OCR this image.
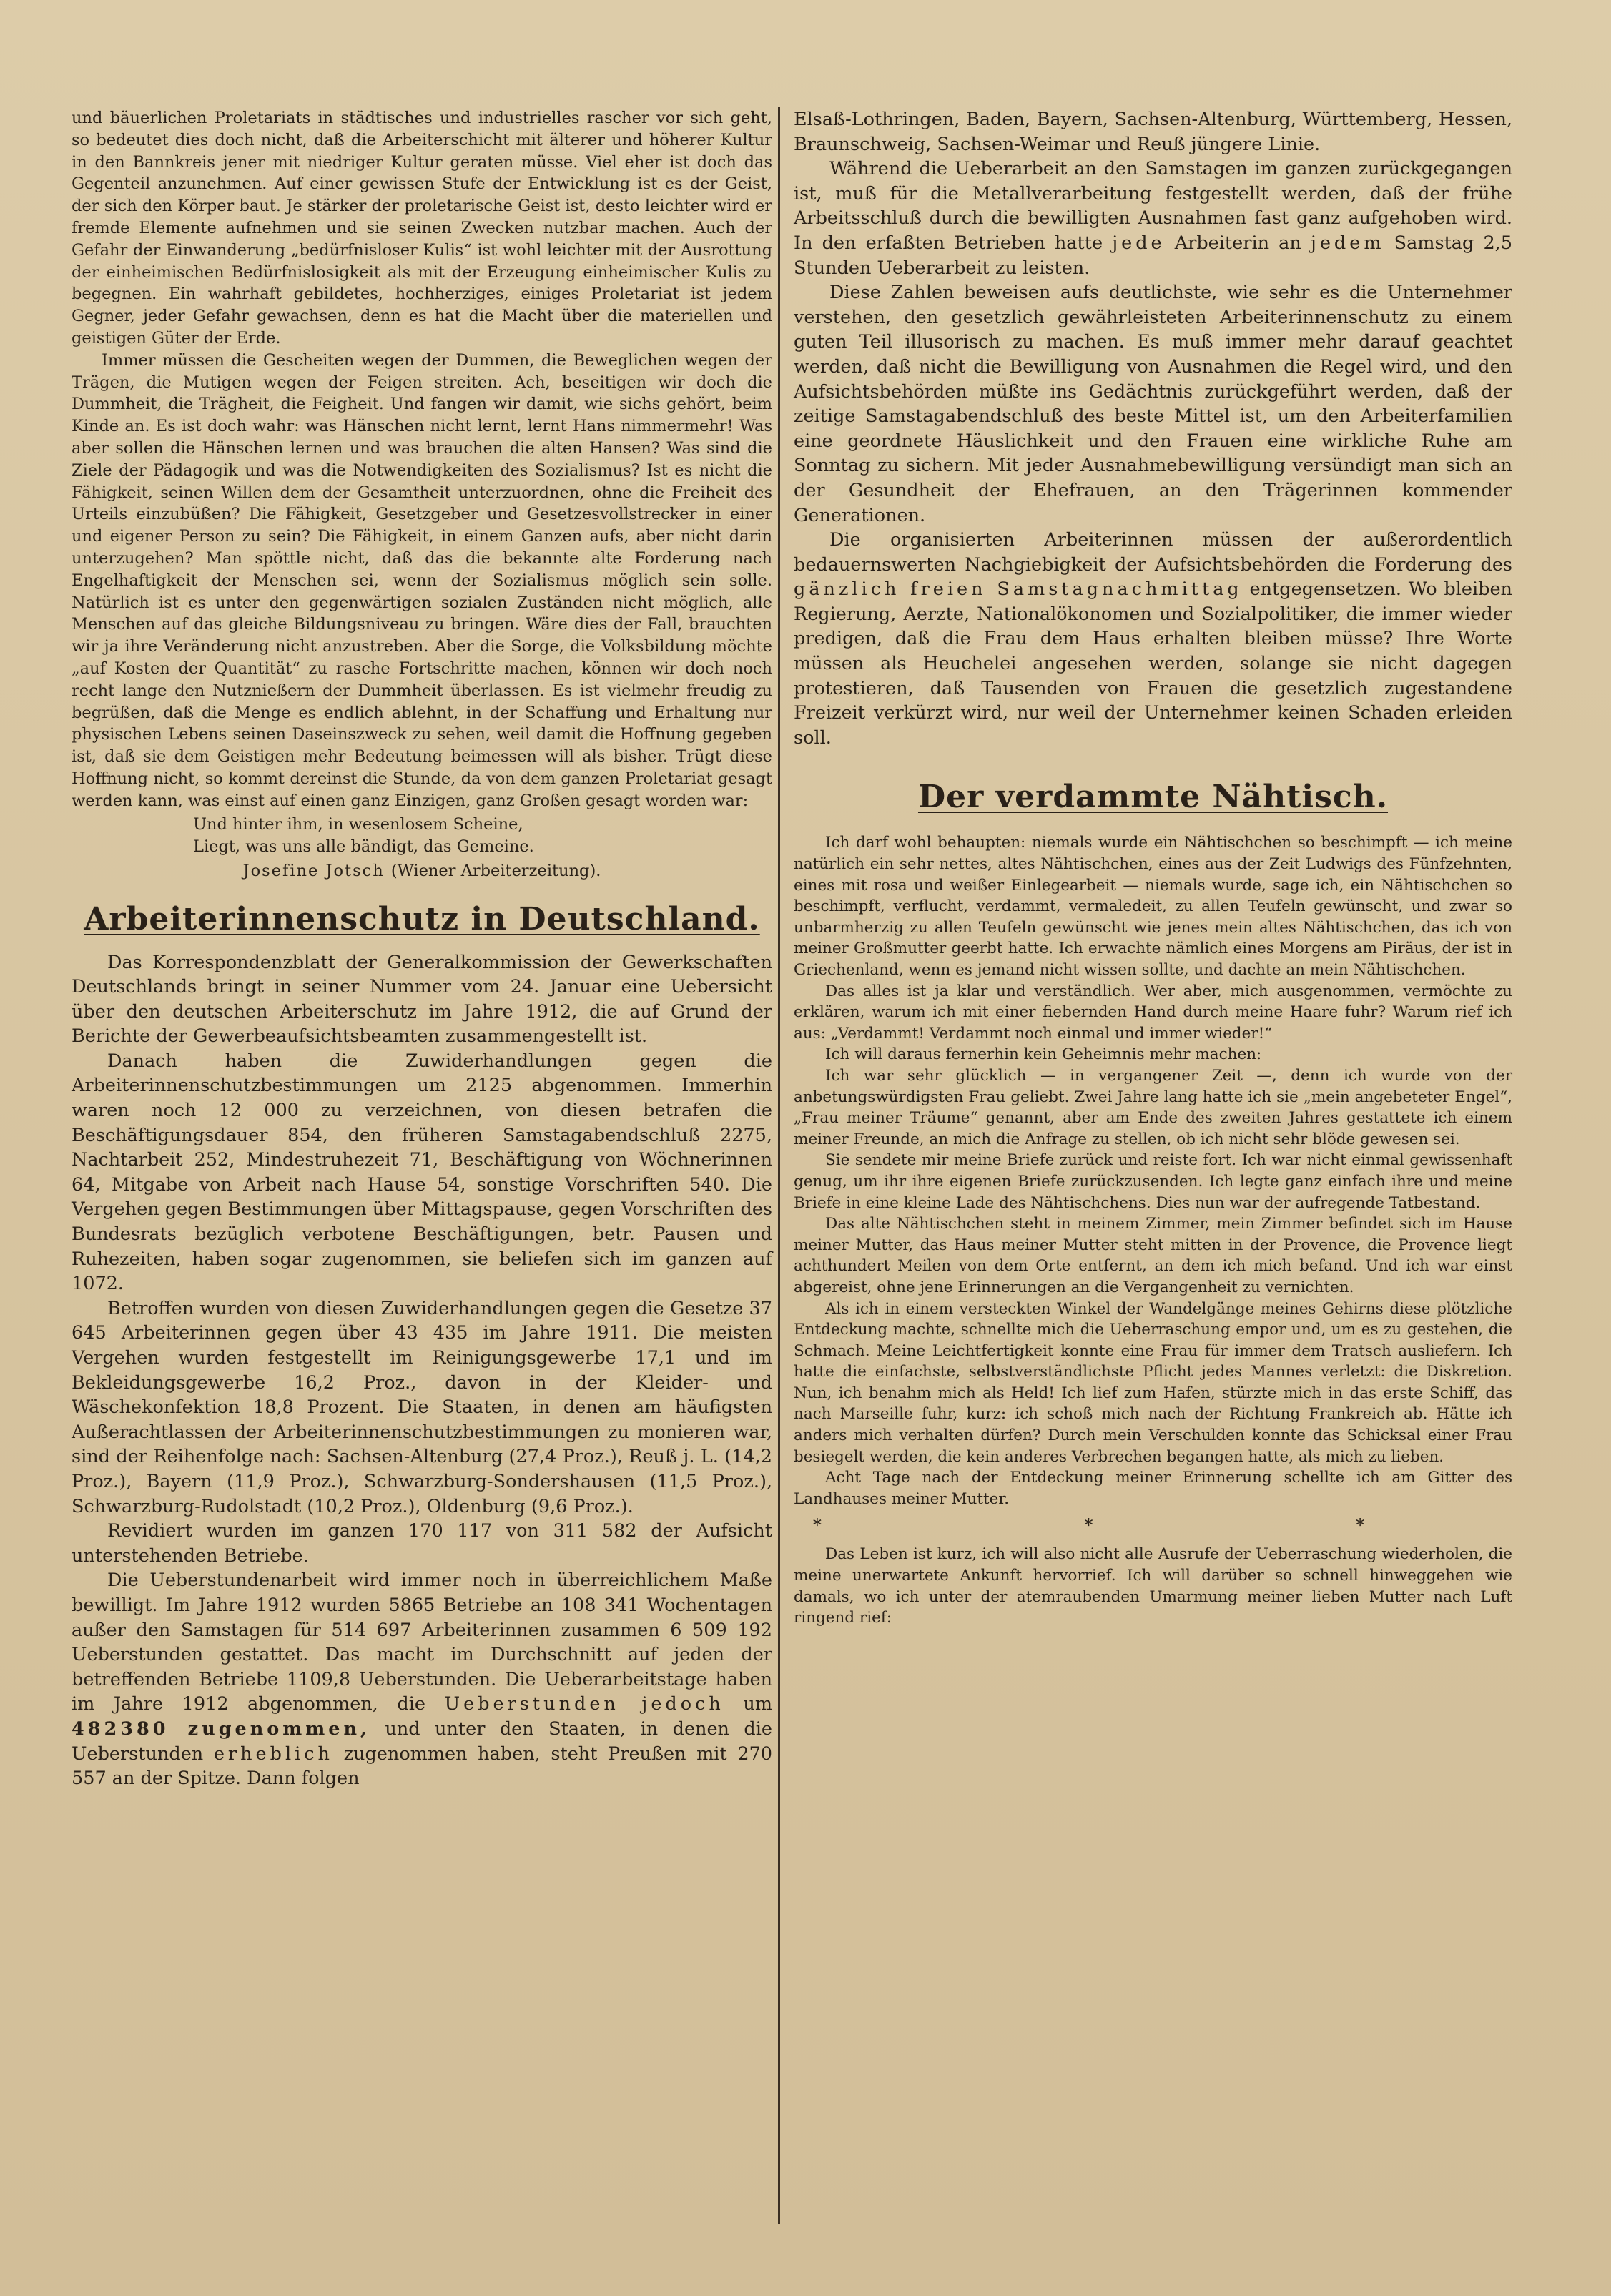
und bäuerlichen Proletariats in städtisches und industrielles rascher vor sich geht, so bedeutet dies doch nicht, daß die Arbeiterschicht mit älterer und höherer Kultur in den Bannkreis jener mit niedriger Kultur geraten müsse. Viel eher ist doch das Gegenteil anzunehmen. Auf einer gewissen Stufe der Entwicklung ist es der Geist, der sich den Körper baut. Je stärker der proletarische Geist ist, desto leichter wird er fremde Elemente aufnehmen und sie seinen Zwecken nutzbar machen. Auch der Gefahr der Einwanderung „bedürfnisloser Kulis“ ist wohl leichter mit der Ausrottung der einheimischen Bedürfnislosigkeit als mit der Erzeugung einheimischer Kulis zu begegnen. Ein wahrhaft gebildetes, hochherziges, einiges Proletariat ist jedem Gegner, jeder Gefahr gewachsen, denn es hat die Macht über die materiellen und geistigen Güter der Erde.

Immer müssen die Gescheiten wegen der Dummen, die Beweglichen wegen der Trägen, die Mutigen wegen der Feigen streiten. Ach, beseitigen wir doch die Dummheit, die Trägheit, die Feigheit. Und fangen wir damit, wie sichs gehört, beim Kinde an. Es ist doch wahr: was Hänschen nicht lernt, lernt Hans nimmermehr! Was aber sollen die Hänschen lernen und was brauchen die alten Hansen? Was sind die Ziele der Pädagogik und was die Notwendigkeiten des Sozialismus? Ist es nicht die Fähigkeit, seinen Willen dem der Gesamtheit unterzuordnen, ohne die Freiheit des Urteils einzubüßen? Die Fähigkeit, Gesetzgeber und Gesetzesvollstrecker in einer und eigener Person zu sein? Die Fähigkeit, in einem Ganzen aufs, aber nicht darin unterzugehen? Man spöttle nicht, daß das die bekannte alte Forderung nach Engelhaftigkeit der Menschen sei, wenn der Sozialismus möglich sein solle. Natürlich ist es unter den gegenwärtigen sozialen Zuständen nicht möglich, alle Menschen auf das gleiche Bildungsniveau zu bringen. Wäre dies der Fall, brauchten wir ja ihre Veränderung nicht anzustreben. Aber die Sorge, die Volksbildung möchte „auf Kosten der Quantität“ zu rasche Fortschritte machen, können wir doch noch recht lange den Nutznießern der Dummheit überlassen. Es ist vielmehr freudig zu begrüßen, daß die Menge es endlich ablehnt, in der Schaffung und Erhaltung nur physischen Lebens seinen Daseinszweck zu sehen, weil damit die Hoffnung gegeben ist, daß sie dem Geistigen mehr Bedeutung beimessen will als bisher. Trügt diese Hoffnung nicht, so kommt dereinst die Stunde, da von dem ganzen Proletariat gesagt werden kann, was einst auf einen ganz Einzigen, ganz Großen gesagt worden war:

Und hinter ihm, in wesenlosem Scheine,
Liegt, was uns alle bändigt, das Gemeine.
Josefine Jotsch (Wiener Arbeiterzeitung).
Arbeiterinnenschutz in Deutschland.

Das Korrespondenzblatt der Generalkommission der Gewerkschaften Deutschlands bringt in seiner Nummer vom 24. Januar eine Uebersicht über den deutschen Arbeiterschutz im Jahre 1912, die auf Grund der Berichte der Gewerbeaufsichtsbeamten zusammengestellt ist.

Danach haben die Zuwiderhandlungen gegen die Arbeiterinnenschutzbestimmungen um 2125 abgenommen. Immerhin waren noch 12 000 zu verzeichnen, von diesen betrafen die Beschäftigungsdauer 854, den früheren Samstagabendschluß 2275, Nachtarbeit 252, Mindestruhezeit 71, Beschäftigung von Wöchnerinnen 64, Mitgabe von Arbeit nach Hause 54, sonstige Vorschriften 540. Die Vergehen gegen Bestimmungen über Mittagspause, gegen Vorschriften des Bundesrats bezüglich verbotene Beschäftigungen, betr. Pausen und Ruhezeiten, haben sogar zugenommen, sie beliefen sich im ganzen auf 1072.

Betroffen wurden von diesen Zuwiderhandlungen gegen die Gesetze 37 645 Arbeiterinnen gegen über 43 435 im Jahre 1911. Die meisten Vergehen wurden festgestellt im Reinigungsgewerbe 17,1 und im Bekleidungsgewerbe 16,2 Proz., davon in der Kleider- und Wäschekonfektion 18,8 Prozent. Die Staaten, in denen am häufigsten Außerachtlassen der Arbeiterinnenschutzbestimmungen zu monieren war, sind der Reihenfolge nach: Sachsen-Altenburg (27,4 Proz.), Reuß j. L. (14,2 Proz.), Bayern (11,9 Proz.), Schwarzburg-Sondershausen (11,5 Proz.), Schwarzburg-Rudolstadt (10,2 Proz.), Oldenburg (9,6 Proz.).

Revidiert wurden im ganzen 170 117 von 311 582 der Aufsicht unterstehenden Betriebe.

Die Ueberstundenarbeit wird immer noch in überreichlichem Maße bewilligt. Im Jahre 1912 wurden 5865 Betriebe an 108 341 Wochentagen außer den Samstagen für 514 697 Arbeiterinnen zusammen 6 509 192 Ueberstunden gestattet. Das macht im Durchschnitt auf jeden der betreffenden Betriebe 1109,8 Ueberstunden. Die Ueberarbeitstage haben im Jahre 1912 abgenommen, die Ueberstunden jedoch um 482380 zugenommen, und unter den Staaten, in denen die Ueberstunden erheblich zugenommen haben, steht Preußen mit 270 557 an der Spitze. Dann folgen

Elsaß-Lothringen, Baden, Bayern, Sachsen-Altenburg, Württemberg, Hessen, Braunschweig, Sachsen-Weimar und Reuß jüngere Linie.

Während die Ueberarbeit an den Samstagen im ganzen zurückgegangen ist, muß für die Metallverarbeitung festgestellt werden, daß der frühe Arbeitsschluß durch die bewilligten Ausnahmen fast ganz aufgehoben wird. In den erfaßten Betrieben hatte jede Arbeiterin an jedem Samstag 2,5 Stunden Ueberarbeit zu leisten.

Diese Zahlen beweisen aufs deutlichste, wie sehr es die Unternehmer verstehen, den gesetzlich gewährleisteten Arbeiterinnenschutz zu einem guten Teil illusorisch zu machen. Es muß immer mehr darauf geachtet werden, daß nicht die Bewilligung von Ausnahmen die Regel wird, und den Aufsichtsbehörden müßte ins Gedächtnis zurückgeführt werden, daß der zeitige Samstagabendschluß des beste Mittel ist, um den Arbeiterfamilien eine geordnete Häuslichkeit und den Frauen eine wirkliche Ruhe am Sonntag zu sichern. Mit jeder Ausnahmebewilligung versündigt man sich an der Gesundheit der Ehefrauen, an den Trägerinnen kommender Generationen.

Die organisierten Arbeiterinnen müssen der außerordentlich bedauernswerten Nachgiebigkeit der Aufsichtsbehörden die Forderung des gänzlich freien Samstagnachmittag entgegensetzen. Wo bleiben Regierung, Aerzte, Nationalökonomen und Sozialpolitiker, die immer wieder predigen, daß die Frau dem Haus erhalten bleiben müsse? Ihre Worte müssen als Heuchelei angesehen werden, solange sie nicht dagegen protestieren, daß Tausenden von Frauen die gesetzlich zugestandene Freizeit verkürzt wird, nur weil der Unternehmer keinen Schaden erleiden soll.

Der verdammte Nähtisch.

Ich darf wohl behaupten: niemals wurde ein Nähtischchen so beschimpft — ich meine natürlich ein sehr nettes, altes Nähtischchen, eines aus der Zeit Ludwigs des Fünfzehnten, eines mit rosa und weißer Einlegearbeit — niemals wurde, sage ich, ein Nähtischchen so beschimpft, verflucht, verdammt, vermaledeit, zu allen Teufeln gewünscht, und zwar so unbarmherzig zu allen Teufeln gewünscht wie jenes mein altes Nähtischchen, das ich von meiner Großmutter geerbt hatte. Ich erwachte nämlich eines Morgens am Piräus, der ist in Griechenland, wenn es jemand nicht wissen sollte, und dachte an mein Nähtischchen.

Das alles ist ja klar und verständlich. Wer aber, mich ausgenommen, vermöchte zu erklären, warum ich mit einer fiebernden Hand durch meine Haare fuhr? Warum rief ich aus: „Verdammt! Verdammt noch einmal und immer wieder!“

Ich will daraus fernerhin kein Geheimnis mehr machen:

Ich war sehr glücklich — in vergangener Zeit —, denn ich wurde von der anbetungswürdigsten Frau geliebt. Zwei Jahre lang hatte ich sie „mein angebeteter Engel“, „Frau meiner Träume“ genannt, aber am Ende des zweiten Jahres gestattete ich einem meiner Freunde, an mich die Anfrage zu stellen, ob ich nicht sehr blöde gewesen sei.

Sie sendete mir meine Briefe zurück und reiste fort. Ich war nicht einmal gewissenhaft genug, um ihr ihre eigenen Briefe zurückzusenden. Ich legte ganz einfach ihre und meine Briefe in eine kleine Lade des Nähtischchens. Dies nun war der aufregende Tatbestand.

Das alte Nähtischchen steht in meinem Zimmer, mein Zimmer befindet sich im Hause meiner Mutter, das Haus meiner Mutter steht mitten in der Provence, die Provence liegt achthundert Meilen von dem Orte entfernt, an dem ich mich befand. Und ich war einst abgereist, ohne jene Erinnerungen an die Vergangenheit zu vernichten.

Als ich in einem versteckten Winkel der Wandelgänge meines Gehirns diese plötzliche Entdeckung machte, schnellte mich die Ueberraschung empor und, um es zu gestehen, die Schmach. Meine Leichtfertigkeit konnte eine Frau für immer dem Tratsch ausliefern. Ich hatte die einfachste, selbstverständlichste Pflicht jedes Mannes verletzt: die Diskretion. Nun, ich benahm mich als Held! Ich lief zum Hafen, stürzte mich in das erste Schiff, das nach Marseille fuhr, kurz: ich schoß mich nach der Richtung Frankreich ab. Hätte ich anders mich verhalten dürfen? Durch mein Verschulden konnte das Schicksal einer Frau besiegelt werden, die kein anderes Verbrechen begangen hatte, als mich zu lieben.

Acht Tage nach der Entdeckung meiner Erinnerung schellte ich am Gitter des Landhauses meiner Mutter.

* * *

Das Leben ist kurz, ich will also nicht alle Ausrufe der Ueberraschung wiederholen, die meine unerwartete Ankunft hervorrief. Ich will darüber so schnell hinweggehen wie damals, wo ich unter der atemraubenden Umarmung meiner lieben Mutter nach Luft ringend rief:
